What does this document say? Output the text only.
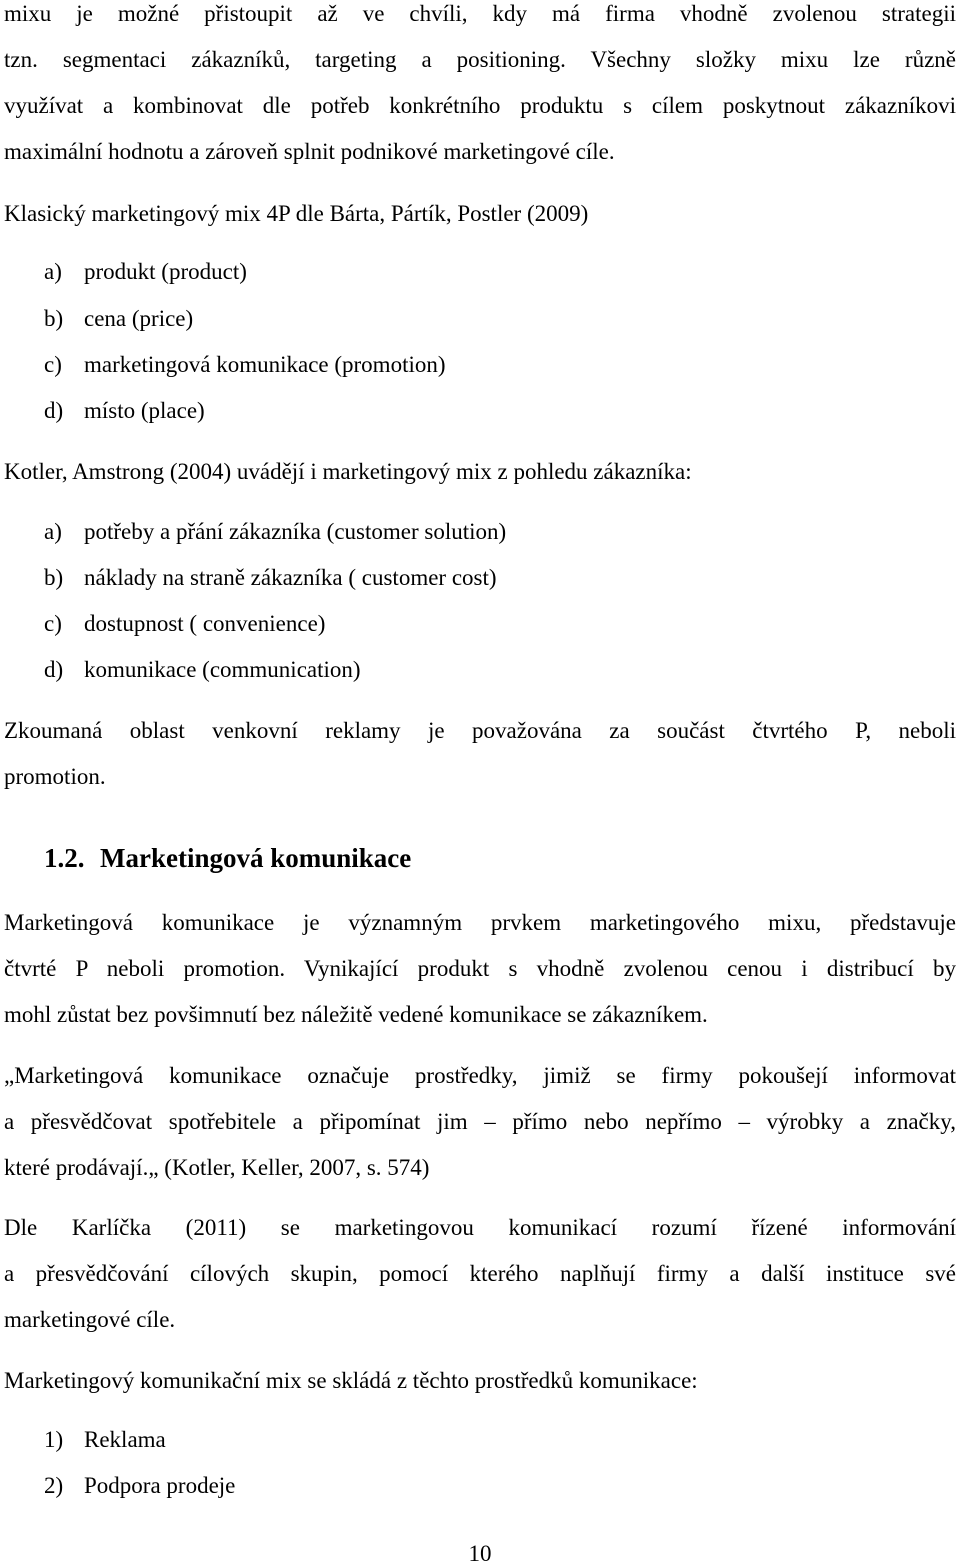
mixu je možné přistoupit až ve chvíli, kdy má firma vhodně zvolenou strategii
tzn. segmentaci zákazníků, targeting a positioning. Všechny složky mixu lze různě
využívat a kombinovat dle potřeb konkrétního produktu s cílem poskytnout zákazníkovi
maximální hodnotu a zároveň splnit podnikové marketingové cíle.
Klasický marketingový mix 4P dle Bárta, Pártík, Postler (2009)
a) produkt (product)
b) cena (price)
c) marketingová komunikace (promotion)
d) místo (place)
Kotler, Amstrong (2004) uvádějí i marketingový mix z pohledu zákazníka:
a) potřeby a přání zákazníka (customer solution)
b) náklady na straně zákazníka ( customer cost)
c) dostupnost ( convenience)
d) komunikace (communication)
Zkoumaná oblast venkovní reklamy je považována za součást čtvrtého P, neboli
promotion.
1.2. Marketingová komunikace
Marketingová komunikace je významným prvkem marketingového mixu, představuje
čtvrté P neboli promotion. Vynikající produkt s vhodně zvolenou cenou i distribucí by
mohl zůstat bez povšimnutí bez náležitě vedené komunikace se zákazníkem.
„Marketingová komunikace označuje prostředky, jimiž se firmy pokoušejí informovat
a přesvědčovat spotřebitele a připomínat jim – přímo nebo nepřímo – výrobky a značky,
které prodávají.„ (Kotler, Keller, 2007, s. 574)
Dle Karlíčka (2011) se marketingovou komunikací rozumí řízené informování
a přesvědčování cílových skupin, pomocí kterého naplňují firmy a další instituce své
marketingové cíle.
Marketingový komunikační mix se skládá z těchto prostředků komunikace:
1) Reklama
2) Podpora prodeje
10
